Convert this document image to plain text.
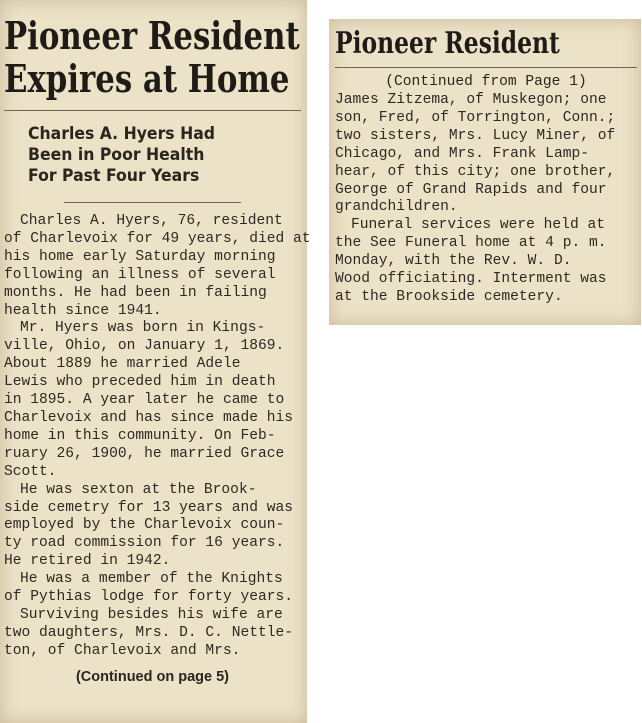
Pioneer Resident
Expires at Home
Charles A. Hyers Had
Been in Poor Health
For Past Four Years

Charles A. Hyers, 76, resident
of Charlevoix for 49 years, died at
his home early Saturday morning
following an illness of several
months. He had been in failing
health since 1941.

Mr. Hyers was born in Kings-
ville, Ohio, on January 1, 1869.
About 1889 he married Adele
Lewis who preceded him in death
in 1895. A year later he came to
Charlevoix and has since made his
home in this community. On Feb-
ruary 26, 1900, he married Grace
Scott.

He was sexton at the Brook-
side cemetry for 13 years and was
employed by the Charlevoix coun-
ty road commission for 16 years.
He retired in 1942.

He was a member of the Knights
of Pythias lodge for forty years.

Surviving besides his wife are
two daughters, Mrs. D. C. Nettle-
ton, of Charlevoix and Mrs.

(Continued on page 5)
Pioneer Resident
(Continued from Page 1)

James Zitzema, of Muskegon; one
son, Fred, of Torrington, Conn.;
two sisters, Mrs. Lucy Miner, of
Chicago, and Mrs. Frank Lamp-
hear, of this city; one brother,
George of Grand Rapids and four
grandchildren.

Funeral services were held at
the See Funeral home at 4 p. m.
Monday, with the Rev. W. D.
Wood officiating. Interment was
at the Brookside cemetery.
